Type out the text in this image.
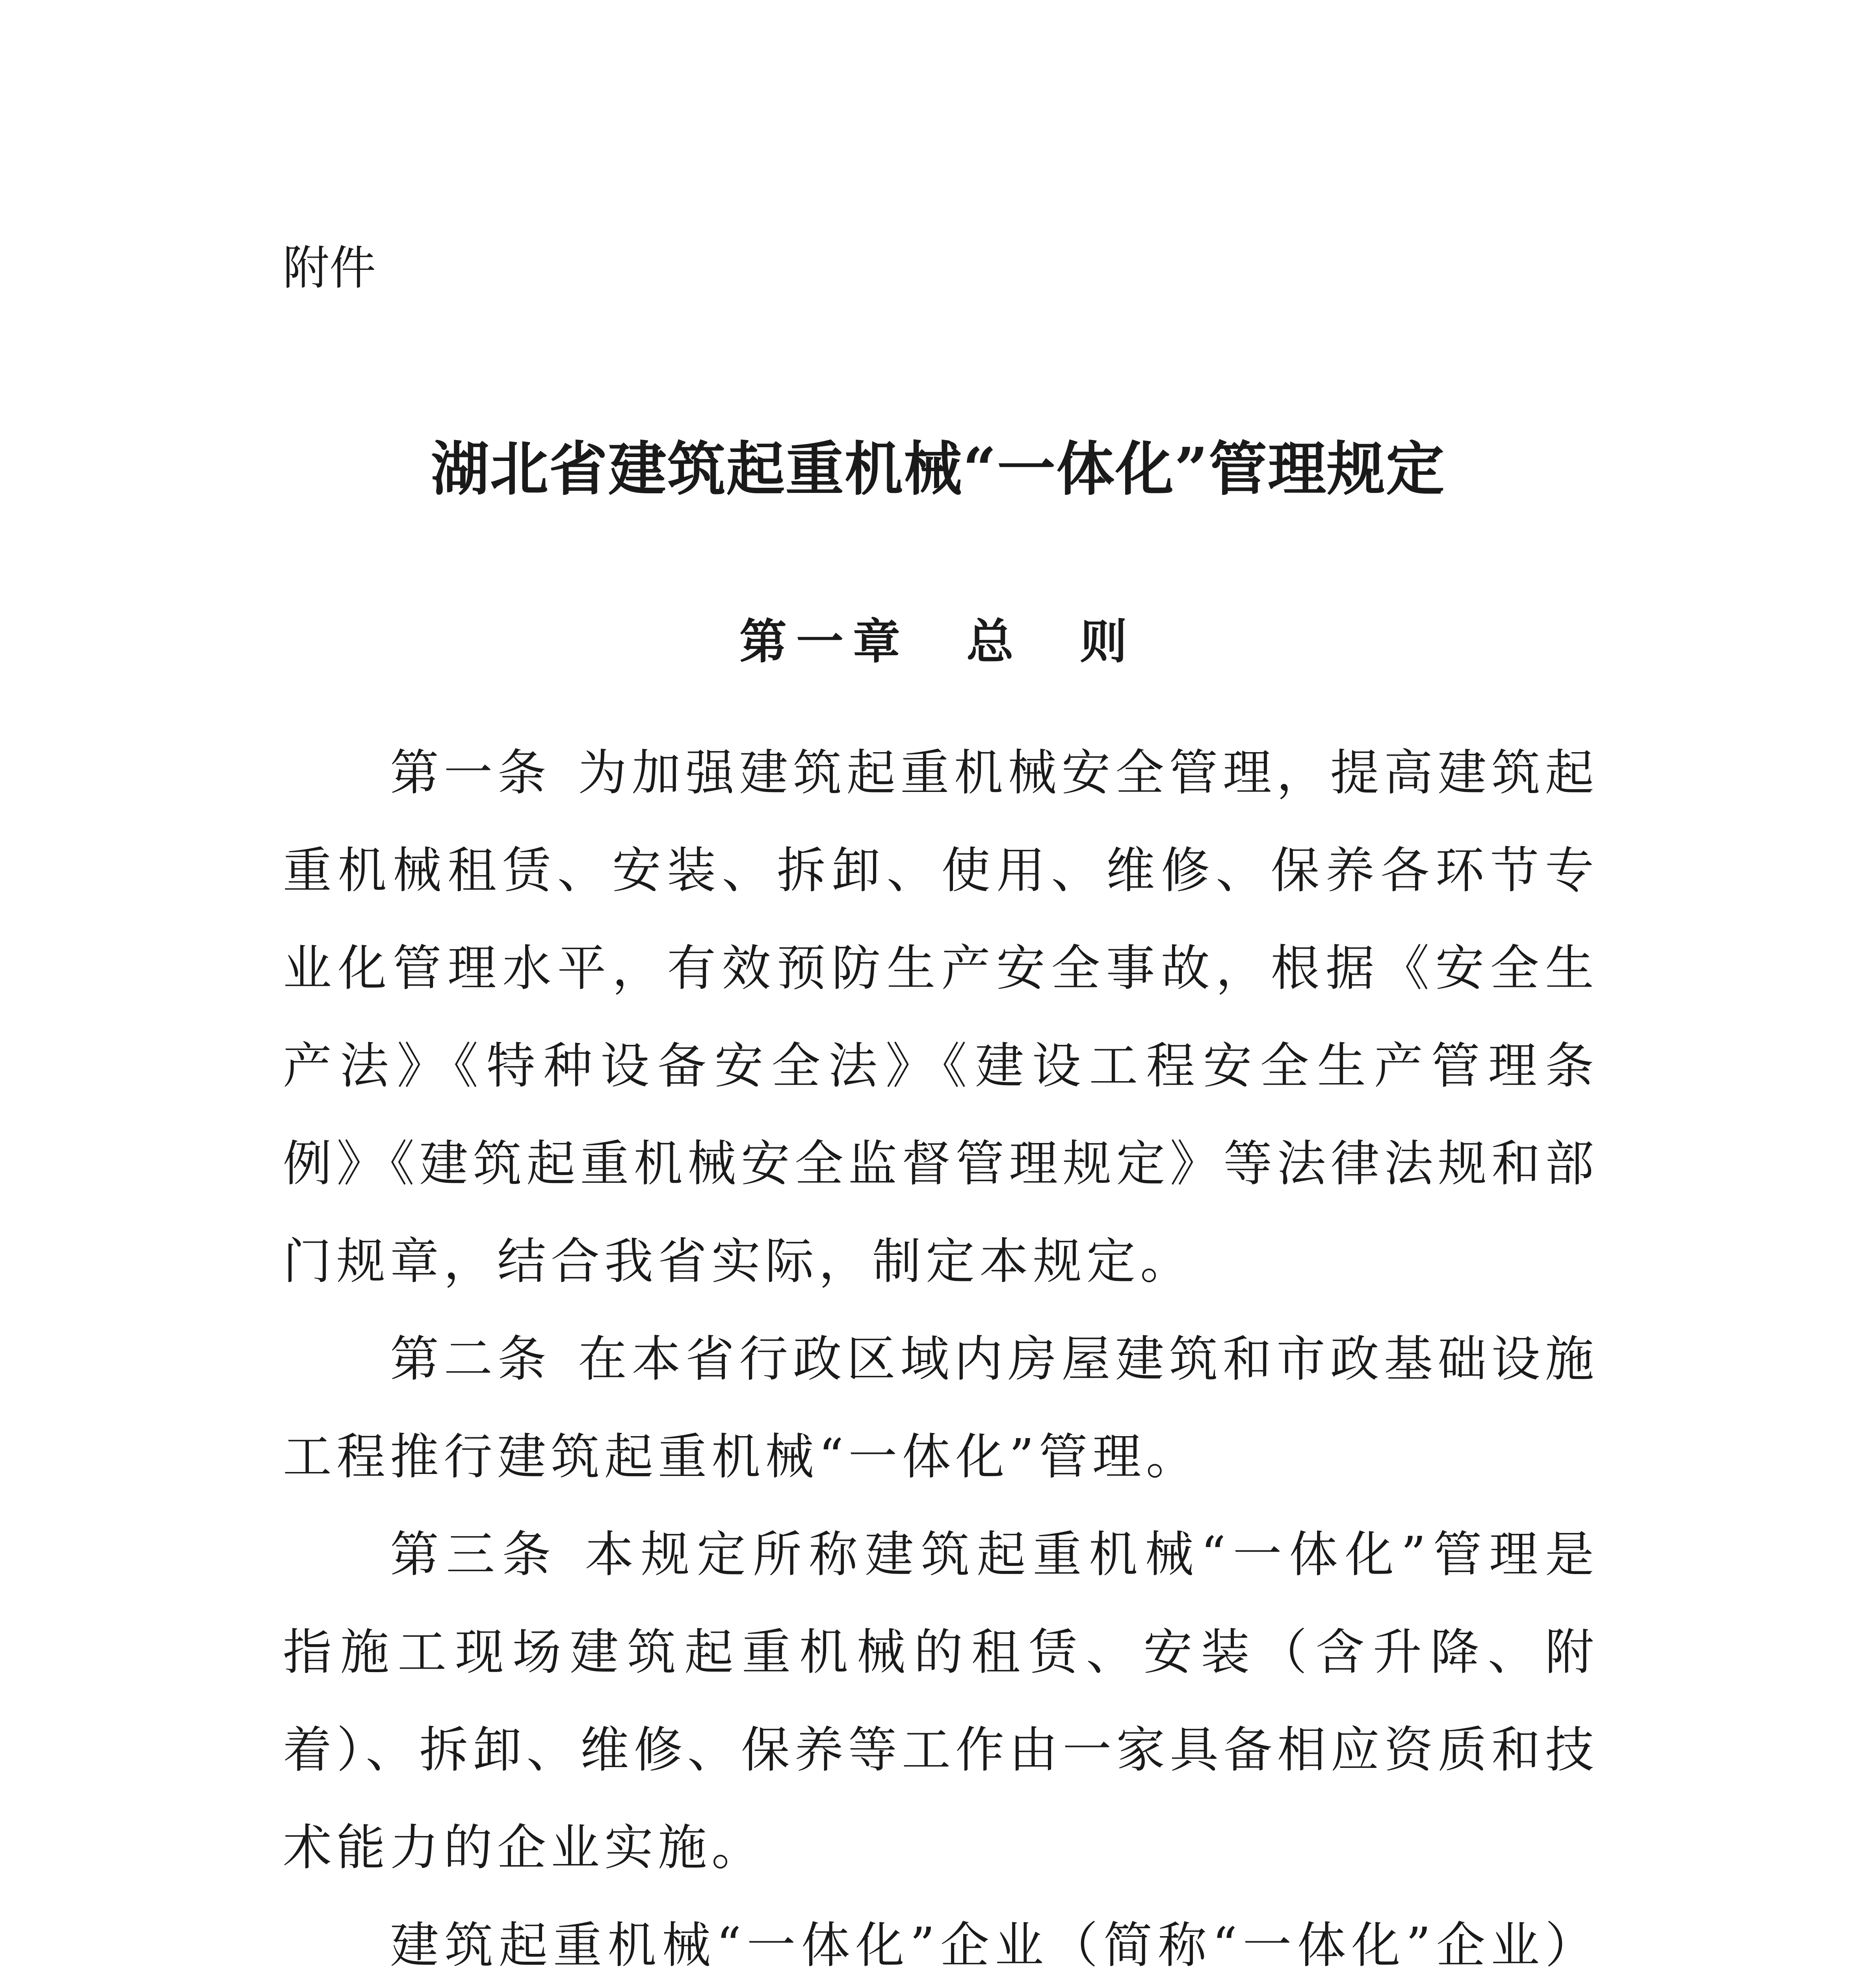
附件
湖北省建筑起重机械“一体化”管理规定
第一章　总　则

第一条 为加强建筑起重机械安全管理，提高建筑起重机械租赁、安装、拆卸、使用、维修、保养各环节专业化管理水平，有效预防生产安全事故，根据《安全生产法》《特种设备安全法》《建设工程安全生产管理条例》《建筑起重机械安全监督管理规定》等法律法规和部门规章，结合我省实际，制定本规定。

第二条 在本省行政区域内房屋建筑和市政基础设施工程推行建筑起重机械“一体化”管理。

第三条 本规定所称建筑起重机械“一体化”管理是指施工现场建筑起重机械的租赁、安装（含升降、附着）、拆卸、维修、保养等工作由一家具备相应资质和技术能力的企业实施。

建筑起重机械“一体化”企业（简称“一体化”企业）
